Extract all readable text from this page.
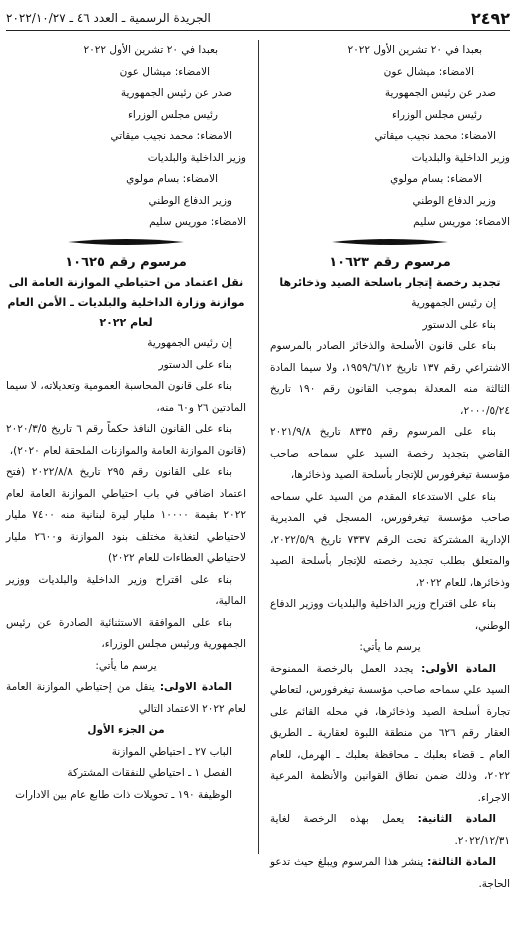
٢٤٩٢
الجريدة الرسمية ـ العدد ٤٦ ـ ٢٠٢٢/١٠/٢٧

بعبدا في ٢٠ تشرين الأول ٢٠٢٢

الامضاء: ميشال عون

صدر عن رئيس الجمهورية

رئيس مجلس الوزراء

الامضاء: محمد نجيب ميقاتي

وزير الداخلية والبلديات

الامضاء: بسام مولوي

وزير الدفاع الوطني

الامضاء: موريس سليم

مرسوم رقم ١٠٦٢٣
تجديد رخصة إتجار باسلحة الصيد وذخائرها

إن رئيس الجمهورية

بناء على الدستور

بناء على قانون الأسلحة والذخائر الصادر بالمرسوم الاشتراعي رقم ١٣٧ تاريخ ١٩٥٩/٦/١٢، ولا سيما المادة الثالثة منه المعدلة بموجب القانون رقم ١٩٠ تاريخ ٢٠٠٠/٥/٢٤،

بناء على المرسوم رقم ٨٣٣٥ تاريخ ٢٠٢١/٩/٨ القاضي بتجديد رخصة السيد علي سماحه صاحب مؤسسة تيغرفورس للإتجار بأسلحة الصيد وذخائرها،

بناء على الاستدعاء المقدم من السيد علي سماحه صاحب مؤسسة تيغرفورس، المسجل في المديرية الإدارية المشتركة تحت الرقم ٧٣٣٧ تاريخ ٢٠٢٢/٥/٩، والمتعلق بطلب تجديد رخصته للإتجار بأسلحة الصيد وذخائرها، للعام ٢٠٢٢،

بناء على اقتراح وزير الداخلية والبلديات ووزير الدفاع الوطني،

يرسم ما يأتي:

المادة الأولى: يجدد العمل بالرخصة الممنوحة السيد علي سماحه صاحب مؤسسة تيغرفورس، لتعاطي تجارة أسلحة الصيد وذخائرها، في محله القائم على العقار رقم ٦٢٦ من منطقة اللبوة لعقارية ـ الطريق العام ـ قضاء بعلبك ـ محافظة بعلبك ـ الهرمل، للعام ٢٠٢٢، وذلك ضمن نطاق القوانين والأنظمة المرعية الاجراء.

المادة الثانية: يعمل بهذه الرخصة لغاية ٢٠٢٢/١٢/٣١.

المادة الثالثة: ينشر هذا المرسوم ويبلغ حيث تدعو الحاجة.

بعبدا في ٢٠ تشرين الأول ٢٠٢٢

الامضاء: ميشال عون

صدر عن رئيس الجمهورية

رئيس مجلس الوزراء

الامضاء: محمد نجيب ميقاتي

وزير الداخلية والبلديات

الامضاء: بسام مولوي

وزير الدفاع الوطني

الامضاء: موريس سليم

مرسوم رقم ١٠٦٢٥
نقل اعتماد من احتياطي الموازنة العامة الى موازنة وزارة الداخلية والبلديات ـ الأمن العام لعام ٢٠٢٢

إن رئيس الجمهورية

بناء على الدستور

بناء على قانون المحاسبة العمومية وتعديلاته، لا سيما المادتين ٢٦ و٦٠ منه،

بناء على القانون النافذ حكماً رقم ٦ تاريخ ٢٠٢٠/٣/٥ (قانون الموازنة العامة والموازنات الملحقة لعام ٢٠٢٠)،

بناء على القانون رقم ٢٩٥ تاريخ ٢٠٢٢/٨/٨ (فتح اعتماد اضافي في باب احتياطي الموازنة العامة لعام ٢٠٢٢ بقيمة ١٠٠٠٠ مليار ليرة لبنانية منه ٧٤٠٠ مليار لاحتياطي لتغذية مختلف بنود الموازنة و٢٦٠٠ مليار لاحتياطي العطاءات للعام ٢٠٢٢)

بناء على اقتراح وزير الداخلية والبلديات ووزير المالية،

بناء على الموافقة الاستثنائية الصادرة عن رئيس الجمهورية ورئيس مجلس الوزراء،

يرسم ما يأتي:

المادة الاولى: ينقل من إحتياطي الموازنة العامة لعام ٢٠٢٢ الاعتماد التالي

من الجزء الأول

الباب ٢٧ ـ احتياطي الموازنة

الفصل ١ ـ احتياطي للنفقات المشتركة

الوظيفة ١٩٠ ـ تحويلات ذات طابع عام بين الادارات
